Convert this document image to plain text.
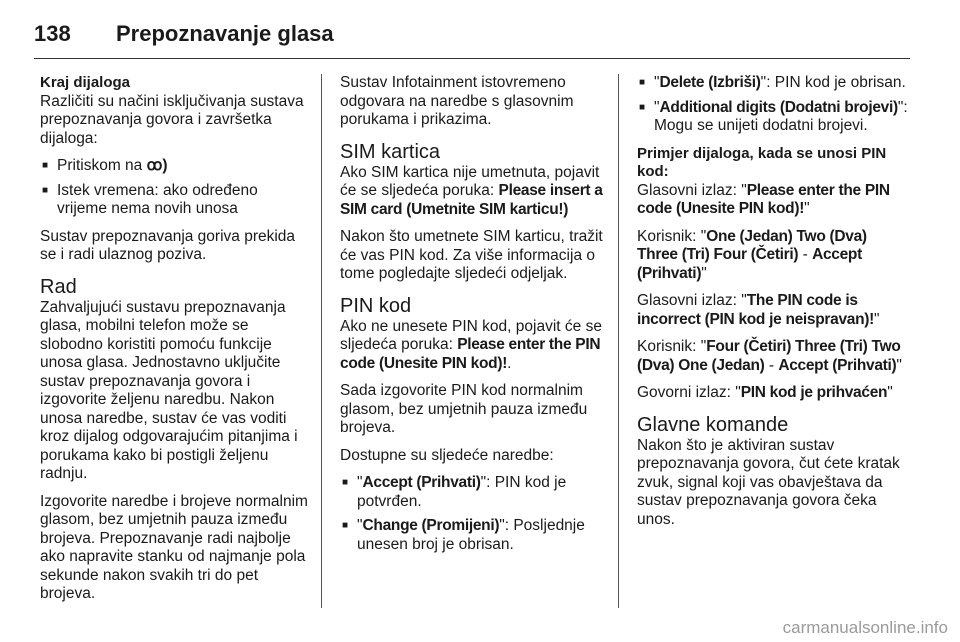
138	Prepoznavanje glasa
Kraj dijaloga

Različiti su načini isključivanja sustava prepoznavanja govora i završetka dijaloga:

■ Pritiskom na ꝏ)
■ Istek vremena: ako određeno vrijeme nema novih unosa

Sustav prepoznavanja goriva prekida se i radi ulaznog poziva.

Rad

Zahvaljujući sustavu prepoznavanja glasa, mobilni telefon može se slobodno koristiti pomoću funkcije unosa glasa. Jednostavno uključite sustav prepoznavanja govora i izgovorite željenu naredbu. Nakon unosa naredbe, sustav će vas voditi kroz dijalog odgovarajućim pitanjima i porukama kako bi postigli željenu radnju.

Izgovorite naredbe i brojeve normalnim glasom, bez umjetnih pauza između brojeva. Prepoznavanje radi najbolje ako napravite stanku od najmanje pola sekunde nakon svakih tri do pet brojeva.

Sustav Infotainment istovremeno odgovara na naredbe s glasovnim porukama i prikazima.

SIM kartica

Ako SIM kartica nije umetnuta, pojavit će se sljedeća poruka: Please insert a SIM card (Umetnite SIM karticu!)

Nakon što umetnete SIM karticu, tražit će vas PIN kod. Za više informacija o tome pogledajte sljedeći odjeljak.

PIN kod

Ako ne unesete PIN kod, pojavit će se sljedeća poruka: Please enter the PIN code (Unesite PIN kod)!.

Sada izgovorite PIN kod normalnim glasom, bez umjetnih pauza između brojeva.

Dostupne su sljedeće naredbe:

■ "Accept (Prihvati)": PIN kod je potvrđen.
■ "Change (Promijeni)": Posljednje unesen broj je obrisan.
■ "Delete (Izbriši)": PIN kod je obrisan.
■ "Additional digits (Dodatni brojevi)": Mogu se unijeti dodatni brojevi.

Primjer dijaloga, kada se unosi PIN kod:

Glasovni izlaz: "Please enter the PIN code (Unesite PIN kod)!"

Korisnik: "One (Jedan) Two (Dva) Three (Tri) Four (Četiri) - Accept (Prihvati)"

Glasovni izlaz: "The PIN code is incorrect (PIN kod je neispravan)!"

Korisnik: "Four (Četiri) Three (Tri) Two (Dva) One (Jedan) - Accept (Prihvati)"

Govorni izlaz: "PIN kod je prihvaćen"

Glavne komande

Nakon što je aktiviran sustav prepoznavanja govora, čut ćete kratak zvuk, signal koji vas obavještava da sustav prepoznavanja govora čeka unos.

carmanualsonline.info
